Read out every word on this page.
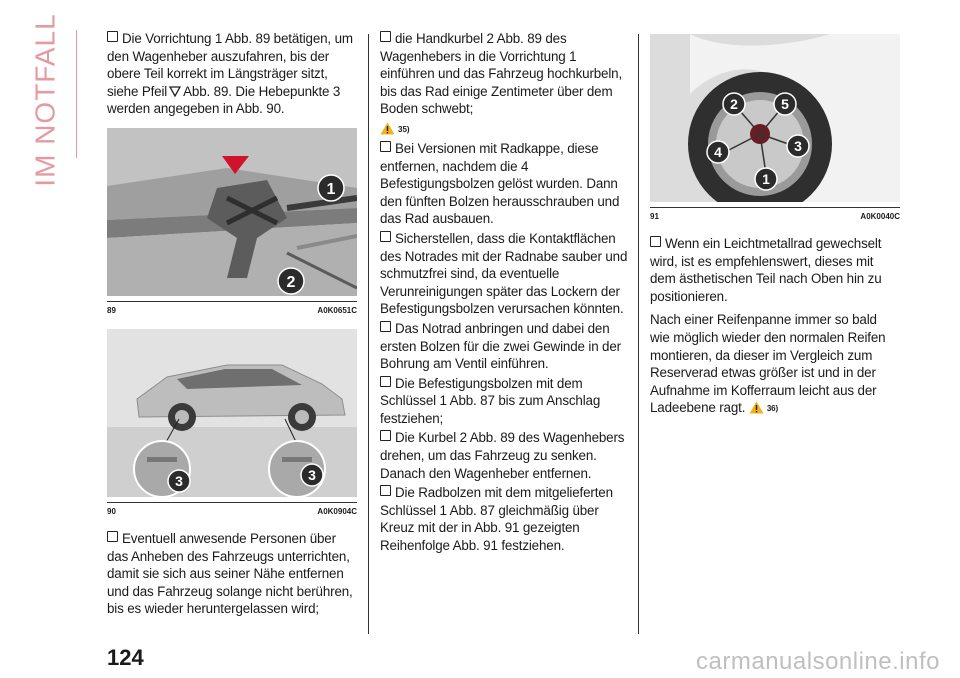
IM NOTFALL	Die Vorrichtung 1 Abb. 89 betätigen, um den Wagenheber auszufahren, bis der obere Teil korrekt im Längsträger sitzt, siehe Pfeil Abb. 89. Die Hebepunkte 3 werden angegeben in Abb. 90.

1
2
89	A0K0651C
3	3
90	A0K0904C

Eventuell anwesende Personen über das Anheben des Fahrzeugs unterrichten, damit sie sich aus seiner Nähe entfernen und das Fahrzeug solange nicht berühren, bis es wieder heruntergelassen wird;

die Handkurbel 2 Abb. 89 des Wagenhebers in die Vorrichtung 1 einführen und das Fahrzeug hochkurbeln, bis das Rad einige Zentimeter über dem Boden schwebt;

35)

Bei Versionen mit Radkappe, diese entfernen, nachdem die 4 Befestigungsbolzen gelöst wurden. Dann den fünften Bolzen herausschrauben und das Rad ausbauen.

Sicherstellen, dass die Kontaktflächen des Notrades mit der Radnabe sauber und schmutzfrei sind, da eventuelle Verunreinigungen später das Lockern der Befestigungsbolzen verursachen könnten.

Das Notrad anbringen und dabei den ersten Bolzen für die zwei Gewinde in der Bohrung am Ventil einführen.

Die Befestigungsbolzen mit dem Schlüssel 1 Abb. 87 bis zum Anschlag festziehen;

Die Kurbel 2 Abb. 89 des Wagenhebers drehen, um das Fahrzeug zu senken. Danach den Wagenheber entfernen.

Die Radbolzen mit dem mitgelieferten Schlüssel 1 Abb. 87 gleichmäßig über Kreuz mit der in Abb. 91 gezeigten Reihenfolge Abb. 91 festziehen.

2	5
4	3
1
91	A0K0040C

Wenn ein Leichtmetallrad gewechselt wird, ist es empfehlenswert, dieses mit dem ästhetischen Teil nach Oben hin zu positionieren.

Nach einer Reifenpanne immer so bald wie möglich wieder den normalen Reifen montieren, da dieser im Vergleich zum Reserverad etwas größer ist und in der Aufnahme im Kofferraum leicht aus der Ladeebene ragt.	36)

124	carmanualsonline.info
